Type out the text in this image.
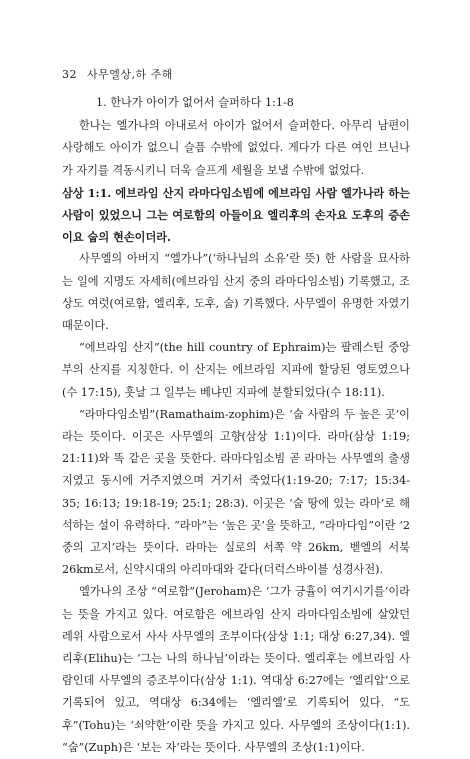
32 사무엘상,하 주해

1. 한나가 아이가 없어서 슬퍼하다 1:1-8

한나는 엘가나의 아내로서 아이가 없어서 슬퍼한다. 아무리 남편이 사랑해도 아이가 없으니 슬픔 수밖에 없었다. 게다가 다른 여인 브닌나가 자기를 격동시키니 더욱 슬프게 세월을 보낼 수밖에 없었다.

삼상 1:1. 에브라임 산지 라마다임소빔에 에브라임 사람 엘가나라 하는 사람이 있었으니 그는 여로함의 아들이요 엘리후의 손자요 도후의 증손이요 숩의 현손이더라.

사무엘의 아버지 “엘가나”(‘하나님의 소유’란 뜻) 한 사람을 묘사하는 일에 지명도 자세히(에브라임 산지 중의 라마다임소빔) 기록했고, 조상도 여럿(여로함, 엘리후, 도후, 숩) 기록했다. 사무엘이 유명한 자였기 때문이다.

“에브라임 산지”(the hill country of Ephraim)는 팔레스틴 중앙부의 산지를 지칭한다. 이 산지는 에브라임 지파에 할당된 영토였으나(수 17:15), 훗날 그 일부는 베냐민 지파에 분할되었다(수 18:11).

“라마다임소빔”(Ramathaim-zophim)은 ‘숩 사람의 두 높은 곳’이라는 뜻이다. 이곳은 사무엘의 고향(삼상 1:1)이다. 라마(삼상 1:19; 21:11)와 똑 같은 곳을 뜻한다. 라마다임소빔 곧 라마는 사무엘의 출생지였고 동시에 거주지였으며 거기서 죽었다(1:19-20; 7:17; 15:34-35; 16:13; 19:18-19; 25:1; 28:3). 이곳은 ‘숩 땅에 있는 라마’로 해석하는 설이 유력하다. “라마”는 ‘높은 곳’을 뜻하고, “라마다임”이란 ‘2중의 고지’라는 뜻이다. 라마는 실로의 서쪽 약 26km, 벧엘의 서북 26km로서, 신약시대의 아리마대와 같다(더럭스바이블 성경사전).

엘가나의 조상 “여로함”(Jeroham)은 ‘그가 긍휼이 여기시기를’이라는 뜻을 가지고 있다. 여로함은 에브라임 산지 라마다임소빔에 살았던 레위 사람으로서 사사 사무엘의 조부이다(삼상 1:1; 대상 6:27,34). 엘리후(Elihu)는 ‘그는 나의 하나님’이라는 뜻이다. 엘리후는 에브라임 사람인데 사무엘의 증조부이다(삼상 1:1). 역대상 6:27에는 ‘엘리압’으로 기록되어 있고, 역대상 6:34에는 ‘엘리엘’로 기록되어 있다. “도후”(Tohu)는 ‘쇠약한’이란 뜻을 가지고 있다. 사무엘의 조상이다(1:1). “숩”(Zuph)은 ‘보는 자’라는 뜻이다. 사무엘의 조상(1:1)이다.
